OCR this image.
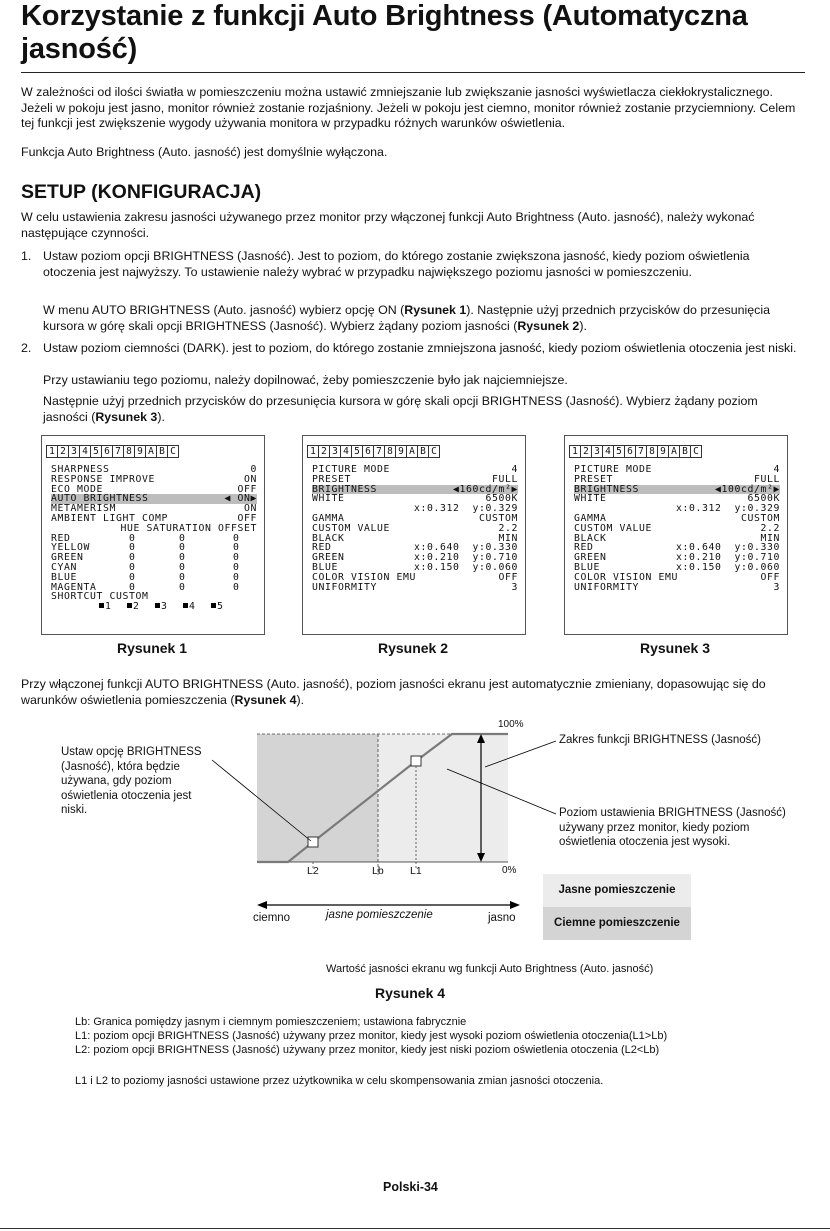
Korzystanie z funkcji Auto Brightness (Automatyczna jasność)
W zależności od ilości światła w pomieszczeniu można ustawić zmniejszanie lub zwiększanie jasności wyświetlacza ciekłokrystalicznego. Jeżeli w pokoju jest jasno, monitor również zostanie rozjaśniony. Jeżeli w pokoju jest ciemno, monitor również zostanie przyciemniony. Celem tej funkcji jest zwiększenie wygody używania monitora w przypadku różnych warunków oświetlenia.
Funkcja Auto Brightness (Auto. jasność) jest domyślnie wyłączona.
SETUP (KONFIGURACJA)
W celu ustawienia zakresu jasności używanego przez monitor przy włączonej funkcji Auto Brightness (Auto. jasność), należy wykonać następujące czynności.
1. Ustaw poziom opcji BRIGHTNESS (Jasność). Jest to poziom, do którego zostanie zwiększona jasność, kiedy poziom oświetlenia otoczenia jest najwyższy. To ustawienie należy wybrać w przypadku największego poziomu jasności w pomieszczeniu.
W menu AUTO BRIGHTNESS (Auto. jasność) wybierz opcję ON (Rysunek 1). Następnie użyj przednich przycisków do przesunięcia kursora w górę skali opcji BRIGHTNESS (Jasność). Wybierz żądany poziom jasności (Rysunek 2).
2. Ustaw poziom ciemności (DARK). jest to poziom, do którego zostanie zmniejszona jasność, kiedy poziom oświetlenia otoczenia jest niski.
Przy ustawianiu tego poziomu, należy dopilnować, żeby pomieszczenie było jak najciemniejsze.
Następnie użyj przednich przycisków do przesunięcia kursora w górę skali opcji BRIGHTNESS (Jasność). Wybierz żądany poziom jasności (Rysunek 3).
1 2 3 4 5 6 7 8 9 A B C
SHARPNESS	0
RESPONSE IMPROVE	ON
ECO MODE	OFF
AUTO BRIGHTNESS	◀ ON▶
METAMERISM	ON
AMBIENT LIGHT COMP	OFF
HUE SATURATION OFFSET
RED	0	0	0
YELLOW	0	0	0
GREEN	0	0	0
CYAN	0	0	0
BLUE	0	0	0
MAGENTA	0	0	0
SHORTCUT CUSTOM
1	2	3	4	5
Rysunek 1
1 2 3 4 5 6 7 8 9 A B C
PICTURE MODE	4
PRESET	FULL
BRIGHTNESS	◀160cd/m²▶
WHITE	6500K
x:0.312  y:0.329
GAMMA	CUSTOM
CUSTOM VALUE	2.2
BLACK	MIN
RED	x:0.640  y:0.330
GREEN	x:0.210  y:0.710
BLUE	x:0.150  y:0.060
COLOR VISION EMU	OFF
UNIFORMITY	3
Rysunek 2
1 2 3 4 5 6 7 8 9 A B C
PICTURE MODE	4
PRESET	FULL
BRIGHTNESS	◀100cd/m²▶
WHITE	6500K
x:0.312  y:0.329
GAMMA	CUSTOM
CUSTOM VALUE	2.2
BLACK	MIN
RED	x:0.640  y:0.330
GREEN	x:0.210  y:0.710
BLUE	x:0.150  y:0.060
COLOR VISION EMU	OFF
UNIFORMITY	3
Rysunek 3
Przy włączonej funkcji AUTO BRIGHTNESS (Auto. jasność), poziom jasności ekranu jest automatycznie zmieniany, dopasowując się do warunków oświetlenia pomieszczenia (Rysunek 4).
100%
0%
L2	Lb	L1
Ustaw opcję BRIGHTNESS (Jasność), która będzie używana, gdy poziom oświetlenia otoczenia jest niski.
Zakres funkcji BRIGHTNESS (Jasność)
Poziom ustawienia BRIGHTNESS (Jasność) używany przez monitor, kiedy poziom oświetlenia otoczenia jest wysoki.
ciemno	jasne pomieszczenie	jasno
Jasne pomieszczenie
Ciemne pomieszczenie
Wartość jasności ekranu wg funkcji Auto Brightness (Auto. jasność)
Rysunek 4
Lb: Granica pomiędzy jasnym i ciemnym pomieszczeniem; ustawiona fabrycznie
L1: poziom opcji BRIGHTNESS (Jasność) używany przez monitor, kiedy jest wysoki poziom oświetlenia otoczenia(L1>Lb)
L2: poziom opcji BRIGHTNESS (Jasność) używany przez monitor, kiedy jest niski poziom oświetlenia otoczenia (L2<Lb)
L1 i L2 to poziomy jasności ustawione przez użytkownika w celu skompensowania zmian jasności otoczenia.
Polski-34
